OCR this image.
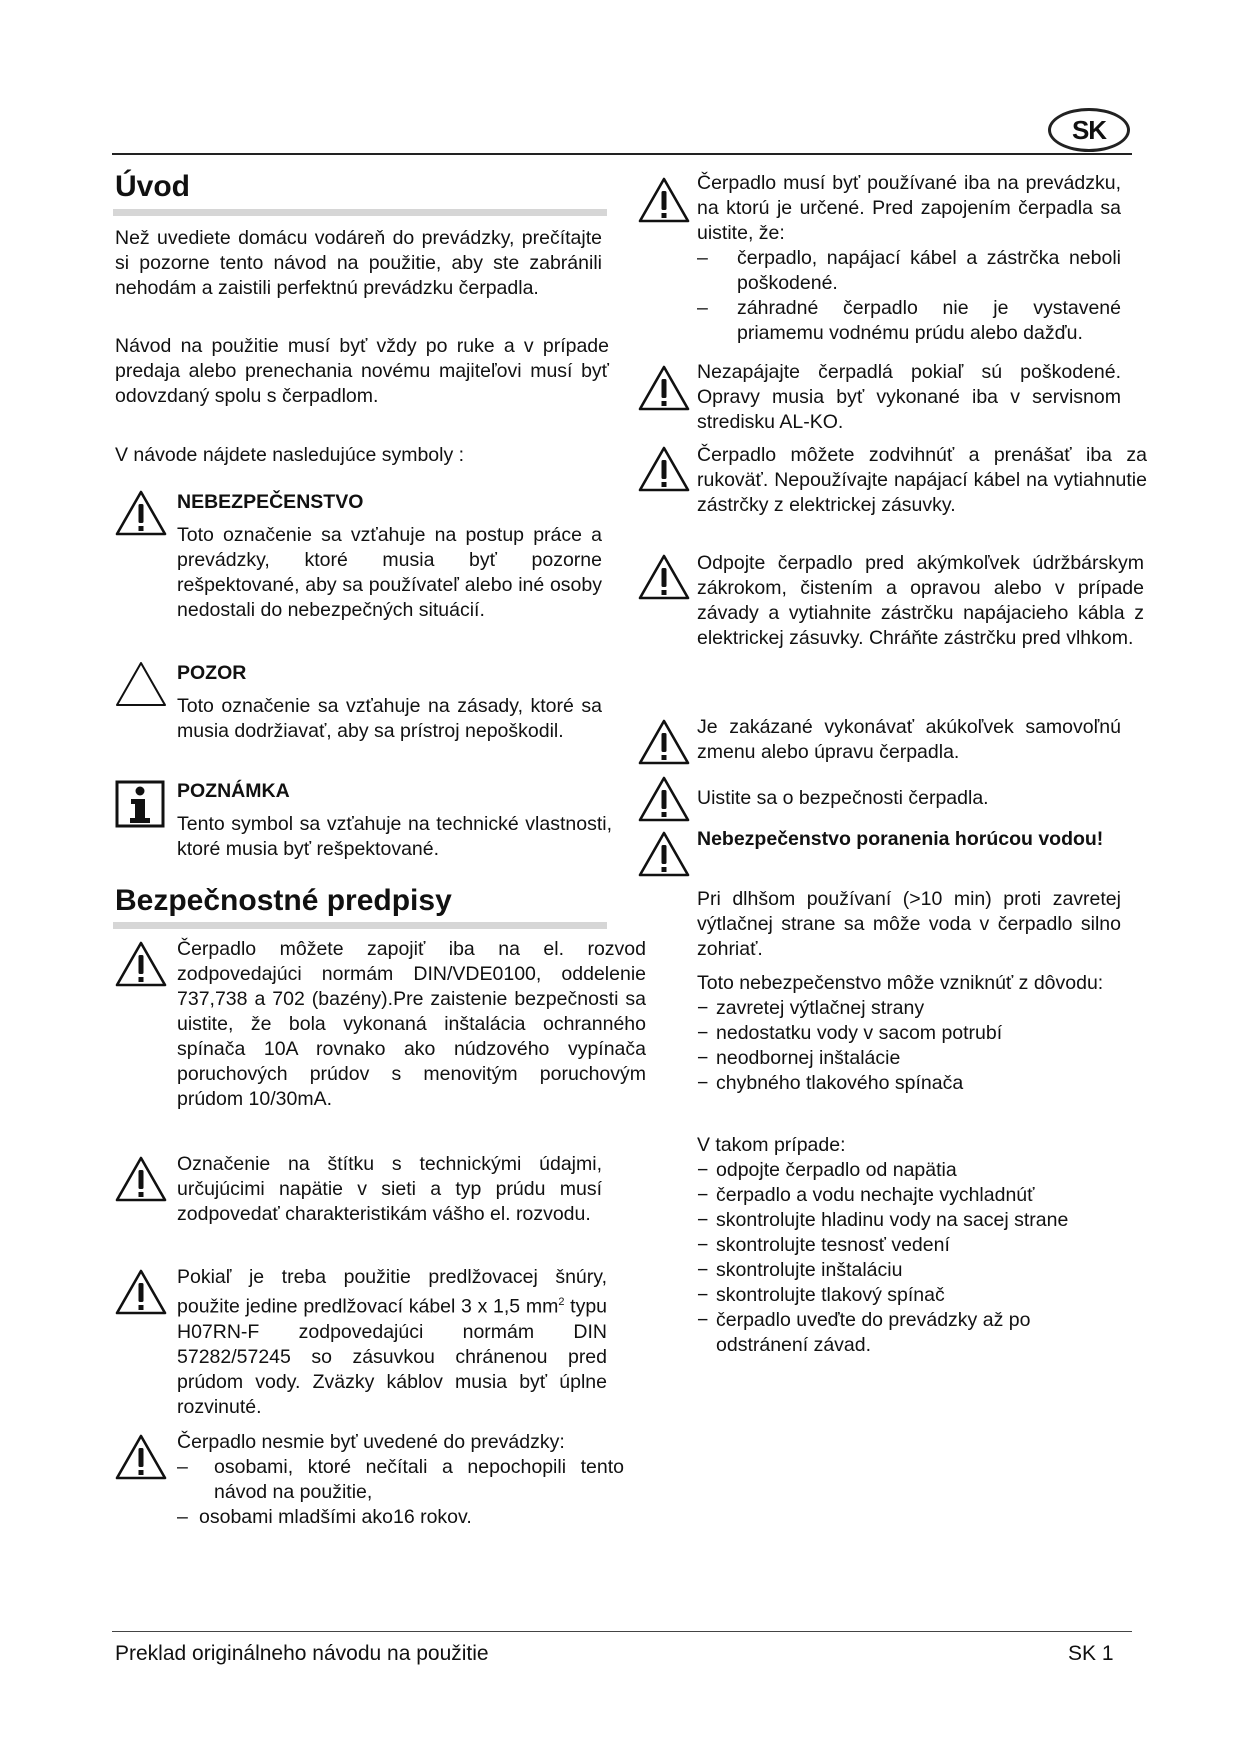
SK
Úvod
Než uvediete domácu vodáreň do prevádzky, prečítajte si pozorne tento návod na použitie, aby ste zabránili nehodám a zaistili perfektnú prevádzku čerpadla.
Návod na použitie musí byť vždy po ruke a v prípade predaja alebo prenechania novému majiteľovi musí byť odovzdaný spolu s čerpadlom.
V návode nájdete nasledujúce symboly :
NEBEZPEČENSTVO
Toto označenie sa vzťahuje na postup práce a prevádzky, ktoré musia byť pozorne rešpektované, aby sa používateľ alebo iné osoby nedostali do nebezpečných situácií.
POZOR
Toto označenie sa vzťahuje na zásady, ktoré sa musia dodržiavať, aby sa prístroj nepoškodil.
POZNÁMKA
Tento symbol sa vzťahuje na technické vlastnosti, ktoré musia byť rešpektované.
Bezpečnostné predpisy
Čerpadlo môžete zapojiť iba na el. rozvod zodpovedajúci normám DIN/VDE0100, oddelenie 737,738 a 702 (bazény).Pre zaistenie bezpečnosti sa uistite, že bola vykonaná inštalácia ochranného spínača 10A rovnako ako núdzového vypínača poruchových prúdov s menovitým poruchovým prúdom 10/30mA.
Označenie na štítku s technickými údajmi, určujúcimi napätie v sieti a typ prúdu musí zodpovedať charakteristikám vášho el. rozvodu.
Pokiaľ je treba použitie predlžovacej šnúry, použite jedine predlžovací kábel 3 x 1,5 $mm^2$ typu H07RN-F zodpovedajúci normám DIN 57282/57245 so zásuvkou chránenou pred prúdom vody. Zväzky káblov musia byť úplne rozvinuté.
Čerpadlo nesmie byť uvedené do prevádzky:
–	osobami, ktoré nečítali a nepochopili tento návod na použitie,
– osobami mladšími ako16 rokov.
Čerpadlo musí byť používané iba na prevádzku, na ktorú je určené. Pred zapojením čerpadla sa uistite, že:
–	čerpadlo, napájací kábel a zástrčka neboli poškodené.
–	záhradné čerpadlo nie je vystavené priamemu vodnému prúdu alebo dažďu.
Nezapájajte čerpadlá pokiaľ sú poškodené. Opravy musia byť vykonané iba v servisnom stredisku AL-KO.
Čerpadlo môžete zodvihnúť a prenášať iba za rukoväť. Nepoužívajte napájací kábel na vytiahnutie zástrčky z elektrickej zásuvky.
Odpojte čerpadlo pred akýmkoľvek údržbárskym zákrokom, čistením a opravou alebo v prípade závady a vytiahnite zástrčku napájacieho kábla z elektrickej zásuvky. Chráňte zástrčku pred vlhkom.
Je zakázané vykonávať akúkoľvek samovoľnú zmenu alebo úpravu čerpadla.
Uistite sa o bezpečnosti čerpadla.
Nebezpečenstvo poranenia horúcou vodou!
Pri dlhšom používaní (>10 min) proti zavretej výtlačnej strane sa môže voda v čerpadlo silno zohriať.
Toto nebezpečenstvo môže vzniknúť z dôvodu:
− zavretej výtlačnej strany
− nedostatku vody v sacom potrubí
− neodbornej inštalácie
− chybného tlakového spínača
V takom prípade:
− odpojte čerpadlo od napätia
− čerpadlo a vodu nechajte vychladnúť
− skontrolujte hladinu vody na sacej strane
− skontrolujte tesnosť vedení
− skontrolujte inštaláciu
− skontrolujte tlakový spínač
− čerpadlo uveďte do prevádzky až po odstránení závad.
Preklad originálneho návodu na použitie	SK 1
